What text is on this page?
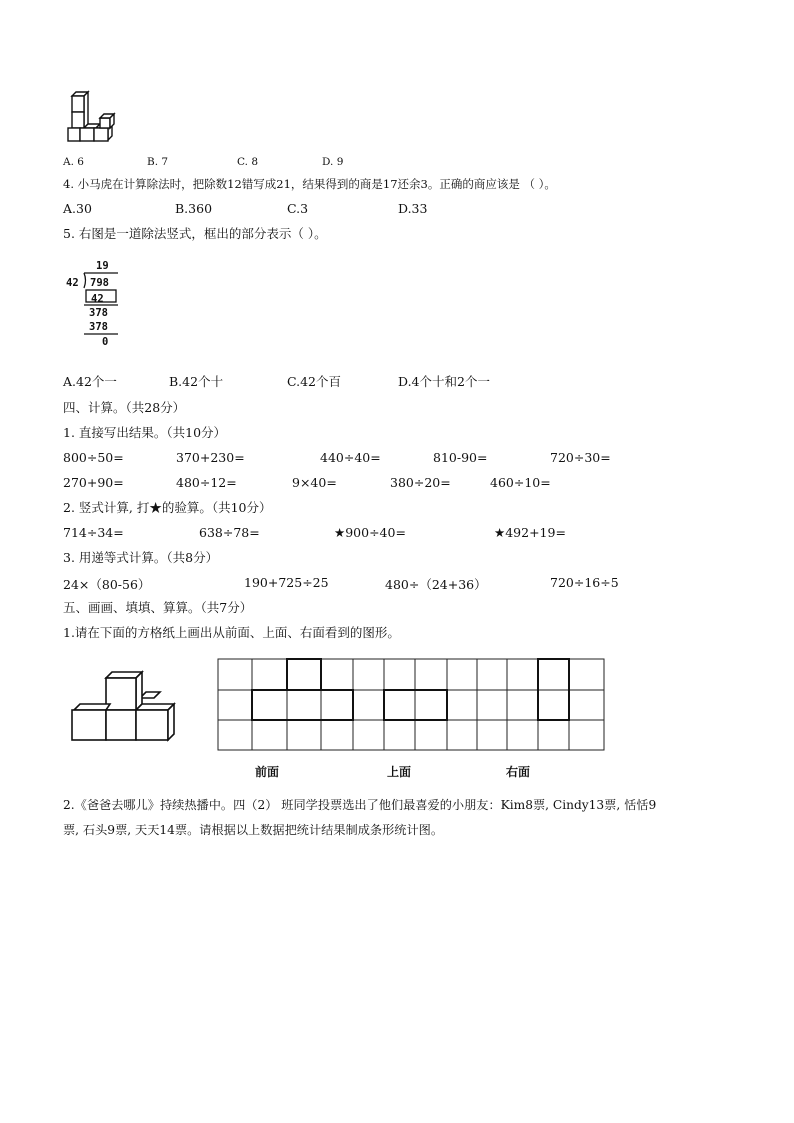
A. 6	B. 7	C. 8	D. 9
4. 小马虎在计算除法时，把除数12错写成21，结果得到的商是17还余3。正确的商应该是 （ ）。
A.30	B.360	C.3	D.33
5. 右图是一道除法竖式，框出的部分表示（ ）。
19
42 798
42
378
378
0
A.42个一	B.42个十	C.42个百	D.4个十和2个一
四、计算。（共28分）
1. 直接写出结果。（共10分）
800÷50=	370+230=	440÷40=	810-90=	720÷30=
270+90=	480÷12=	9×40=	380÷20=	460÷10=
2. 竖式计算, 打★的验算。（共10分）
714÷34=	638÷78=	★900÷40=	★492+19=
3. 用递等式计算。（共8分）
24×（80-56）	190+725÷25	480÷（24+36）	720÷16÷5
五、画画、填填、算算。（共7分）
1.请在下面的方格纸上画出从前面、上面、右面看到的图形。
前面	上面	右面
2.《爸爸去哪儿》持续热播中。四（2） 班同学投票选出了他们最喜爱的小朋友：Kim8票, Cindy13票, 恬恬9
票, 石头9票, 天天14票。请根据以上数据把统计结果制成条形统计图。
